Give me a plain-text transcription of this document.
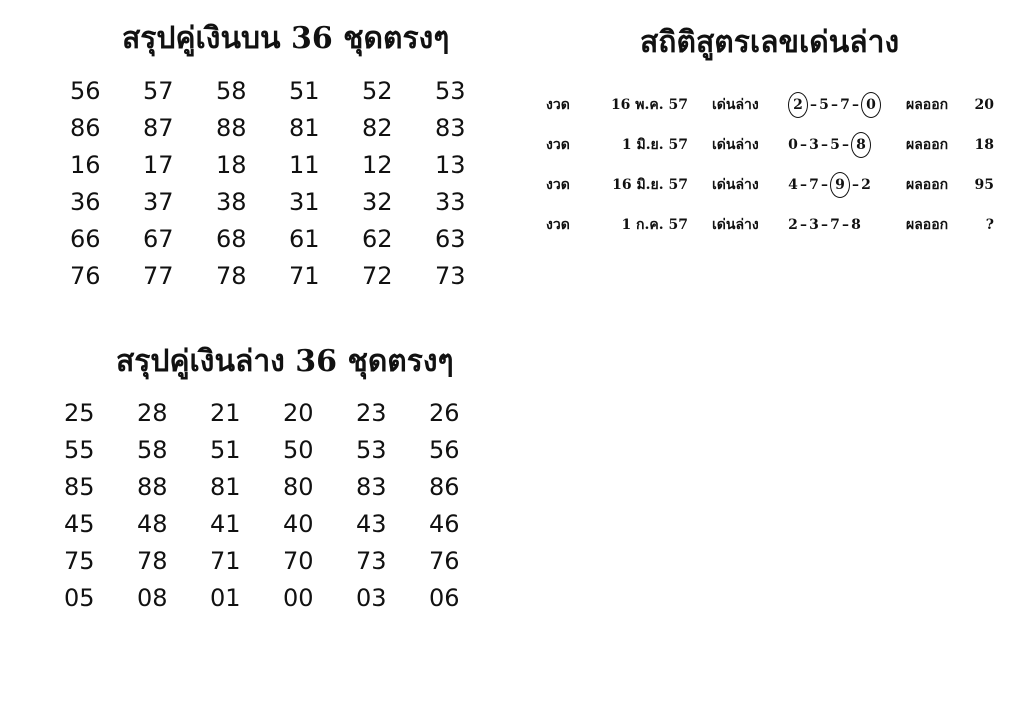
สรุปคู่เงินบน 36 ชุดตรงๆ
56	57	58	51	52	53
86	87	88	81	82	83
16	17	18	11	12	13
36	37	38	31	32	33
66	67	68	61	62	63
76	77	78	71	72	73
สรุปคู่เงินล่าง 36 ชุดตรงๆ
25	28	21	20	23	26
55	58	51	50	53	56
85	88	81	80	83	86
45	48	41	40	43	46
75	78	71	70	73	76
05	08	01	00	03	06
สถิติสูตรเลขเด่นล่าง
งวด	16 พ.ค. 57	เด่นล่าง	2 – 5 – 7 – 0	ผลออก	20
งวด	1 มิ.ย. 57	เด่นล่าง	0 – 3 – 5 – 8	ผลออก	18
งวด	16 มิ.ย. 57	เด่นล่าง	4 – 7 – 9 – 2	ผลออก	95
งวด	1 ก.ค. 57	เด่นล่าง	2 – 3 – 7 – 8	ผลออก	?
